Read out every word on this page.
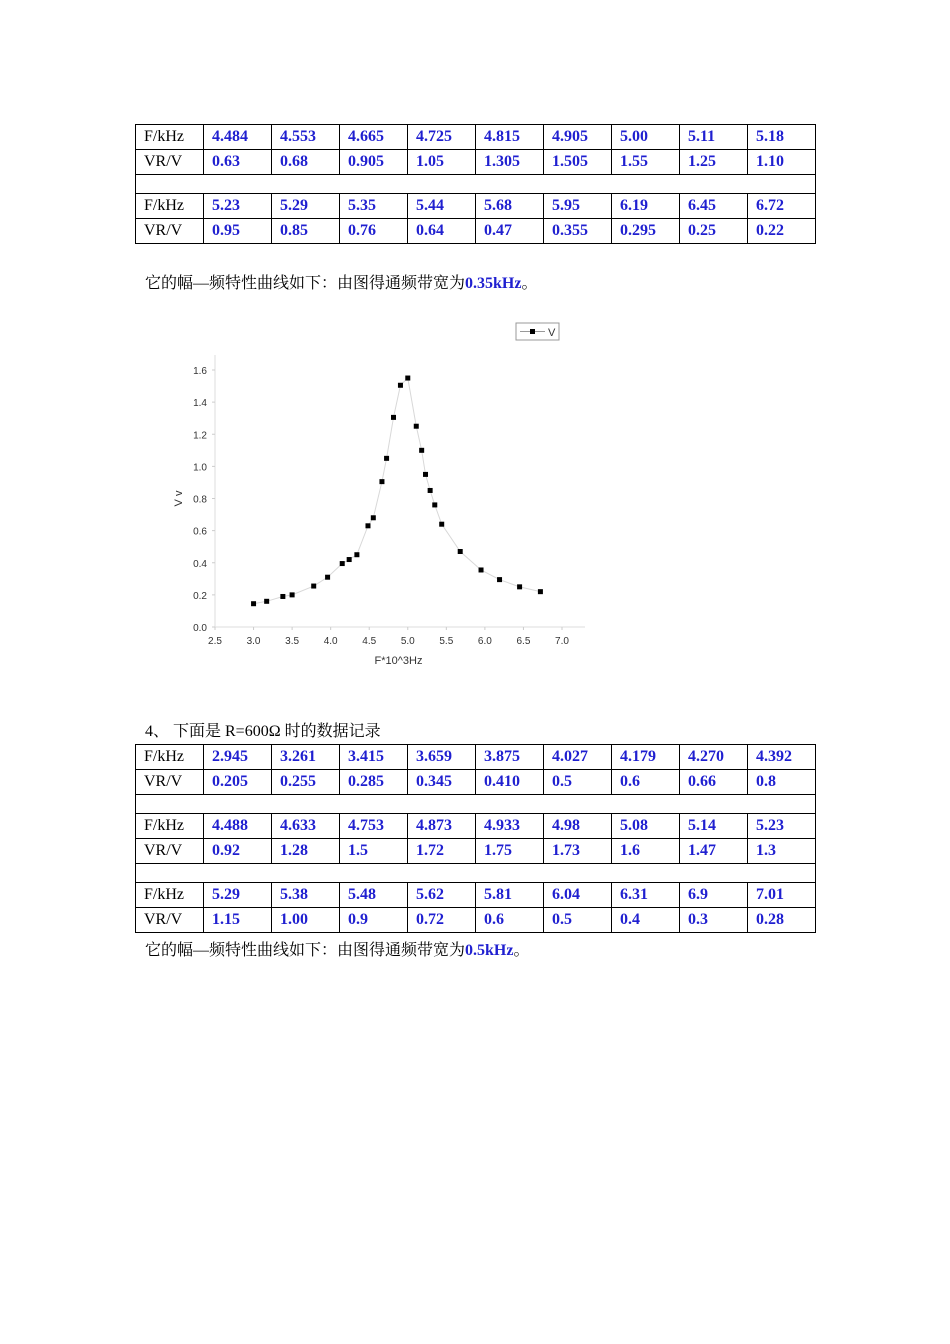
F/kHz	4.484	4.553	4.665	4.725	4.815	4.905	5.00	5.11	5.18
VR/V	0.63	0.68	0.905	1.05	1.305	1.505	1.55	1.25	1.10

F/kHz	5.23	5.29	5.35	5.44	5.68	5.95	6.19	6.45	6.72
VR/V	0.95	0.85	0.76	0.64	0.47	0.355	0.295	0.25	0.22
它的幅—频特性曲线如下：由图得通频带宽为0.35kHz。
2.5 3.0 3.5 4.0 4.5 5.0 5.5 6.0 6.5 7.0
0.0
0.2
0.4
0.6
0.8
1.0
1.2
1.4
1.6
F*10^3Hz
V v
V
4、 下面是 R=600Ω 时的数据记录
F/kHz	2.945	3.261	3.415	3.659	3.875	4.027	4.179	4.270	4.392
VR/V	0.205	0.255	0.285	0.345	0.410	0.5	0.6	0.66	0.8

F/kHz	4.488	4.633	4.753	4.873	4.933	4.98	5.08	5.14	5.23
VR/V	0.92	1.28	1.5	1.72	1.75	1.73	1.6	1.47	1.3

F/kHz	5.29	5.38	5.48	5.62	5.81	6.04	6.31	6.9	7.01
VR/V	1.15	1.00	0.9	0.72	0.6	0.5	0.4	0.3	0.28
它的幅—频特性曲线如下：由图得通频带宽为0.5kHz。
